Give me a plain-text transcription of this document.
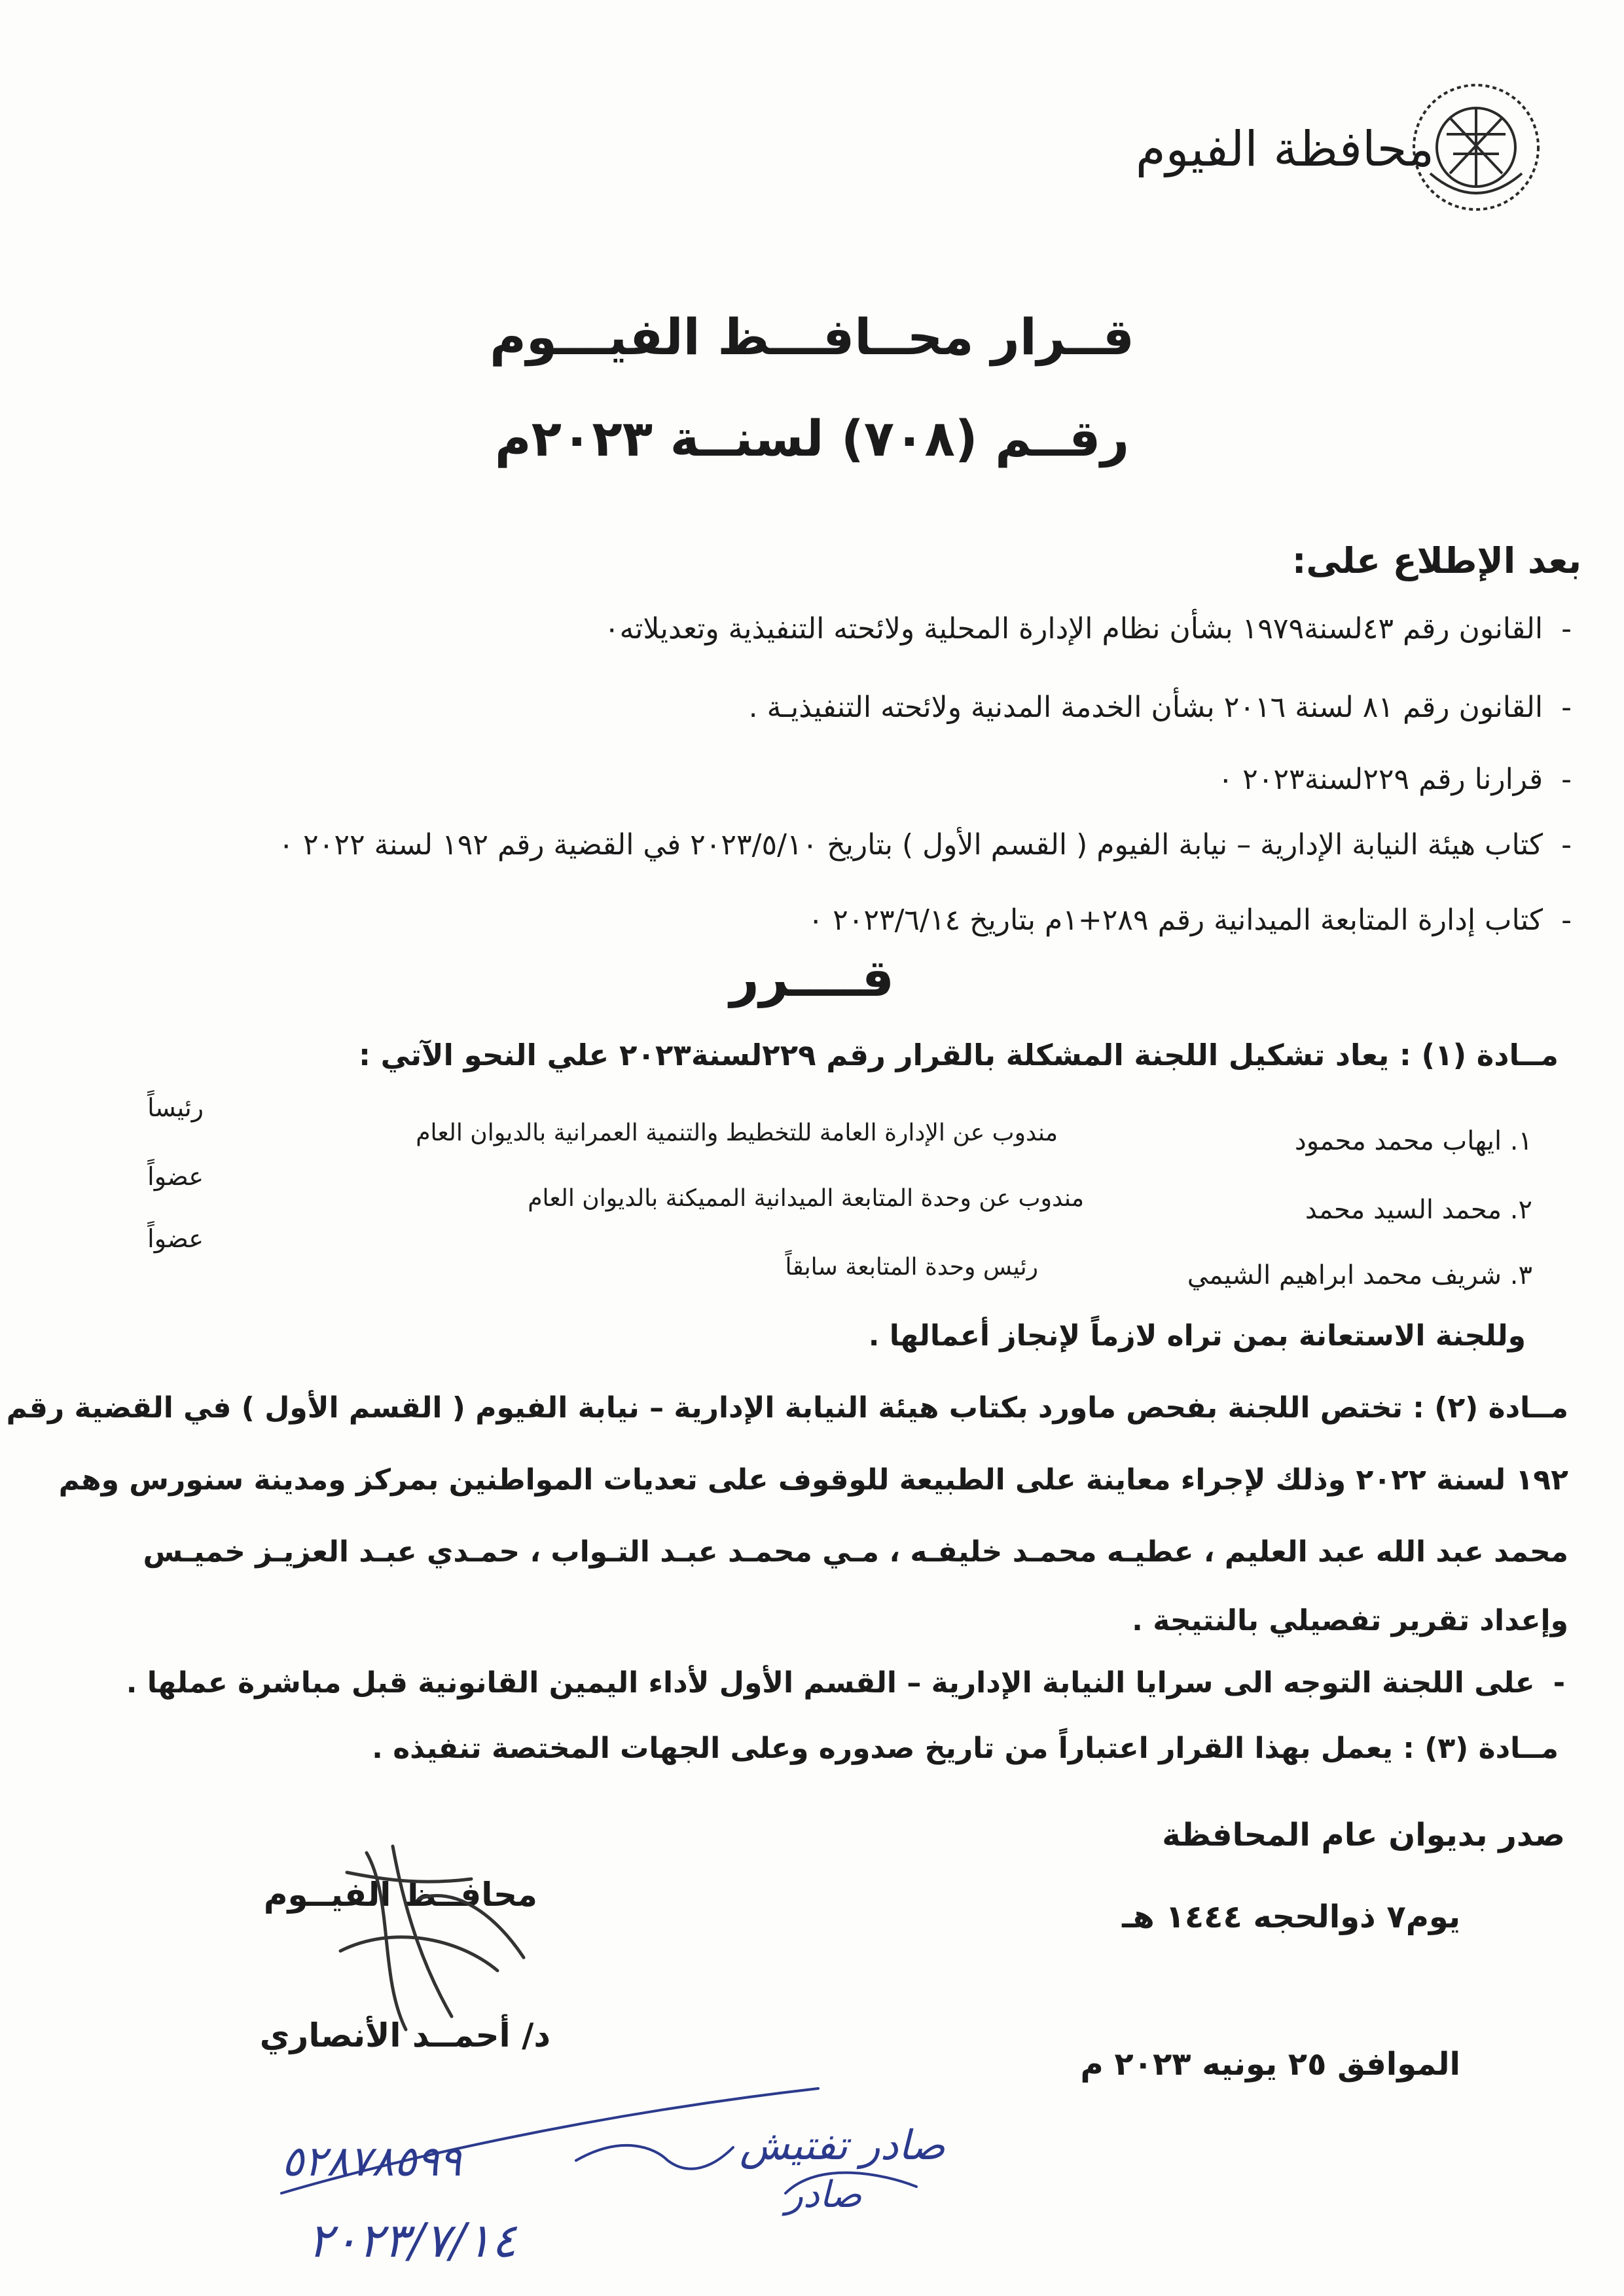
محافظة الفيوم
قــرار محــافـــظ الفيـــوم
رقــم (٧٠٨) لسنــة ٢٠٢٣م
بعد الإطلاع على:
-القانون رقم ٤٣لسنة١٩٧٩ بشأن نظام الإدارة المحلية ولائحته التنفيذية وتعديلاته٠
-القانون رقم ٨١ لسنة ٢٠١٦ بشأن الخدمة المدنية ولائحته التنفيذيـة .
-قرارنا رقم ٢٢٩لسنة٢٠٢٣ ٠
-كتاب هيئة النيابة الإدارية – نيابة الفيوم ( القسم الأول ) بتاريخ ٢٠٢٣/٥/١٠ في القضية رقم ١٩٢ لسنة ٢٠٢٢ ٠
-كتاب إدارة المتابعة الميدانية رقم ٢٨٩+١م بتاريخ ٢٠٢٣/٦/١٤ ٠
قــــرر
مــادة (١) : يعاد تشكيل اللجنة المشكلة بالقرار رقم ٢٢٩لسنة٢٠٢٣ علي النحو الآتي :
١. ايهاب محمد محمود
مندوب عن الإدارة العامة للتخطيط والتنمية العمرانية بالديوان العام
رئيساً
٢. محمد السيد محمد
مندوب عن وحدة المتابعة الميدانية المميكنة بالديوان العام
عضواً
٣. شريف محمد ابراهيم الشيمي
رئيس وحدة المتابعة سابقاً
عضواً
وللجنة الاستعانة بمن تراه لازماً لإنجاز أعمالها .
مــادة (٢) : تختص اللجنة بفحص ماورد بكتاب هيئة النيابة الإدارية – نيابة الفيوم ( القسم الأول ) في القضية رقم
١٩٢ لسنة ٢٠٢٢ وذلك لإجراء معاينة على الطبيعة للوقوف على تعديات المواطنين بمركز ومدينة سنورس وهم
محمد عبد الله عبد العليم ، عطيـه محمـد خليفـه ، مـي محمـد عبـد التـواب ، حمـدي عبـد العزيـز خميـس
وإعداد تقرير تفصيلي بالنتيجة .
-على اللجنة التوجه الى سرايا النيابة الإدارية – القسم الأول لأداء اليمين القانونية قبل مباشرة عملها .
مــادة (٣) : يعمل بهذا القرار اعتباراً من تاريخ صدوره وعلى الجهات المختصة تنفيذه .
صدر بديوان عام المحافظة
يوم٧ ذوالحجه ١٤٤٤ هـ
الموافق ٢٥ يونيه ٢٠٢٣ م
محافــظ الفيــوم
د/ أحمــد الأنصاري
صادر تفتيش
صادر
٥٢٨٧٨٥٩٩
٢٠٢٣/٧/١٤
